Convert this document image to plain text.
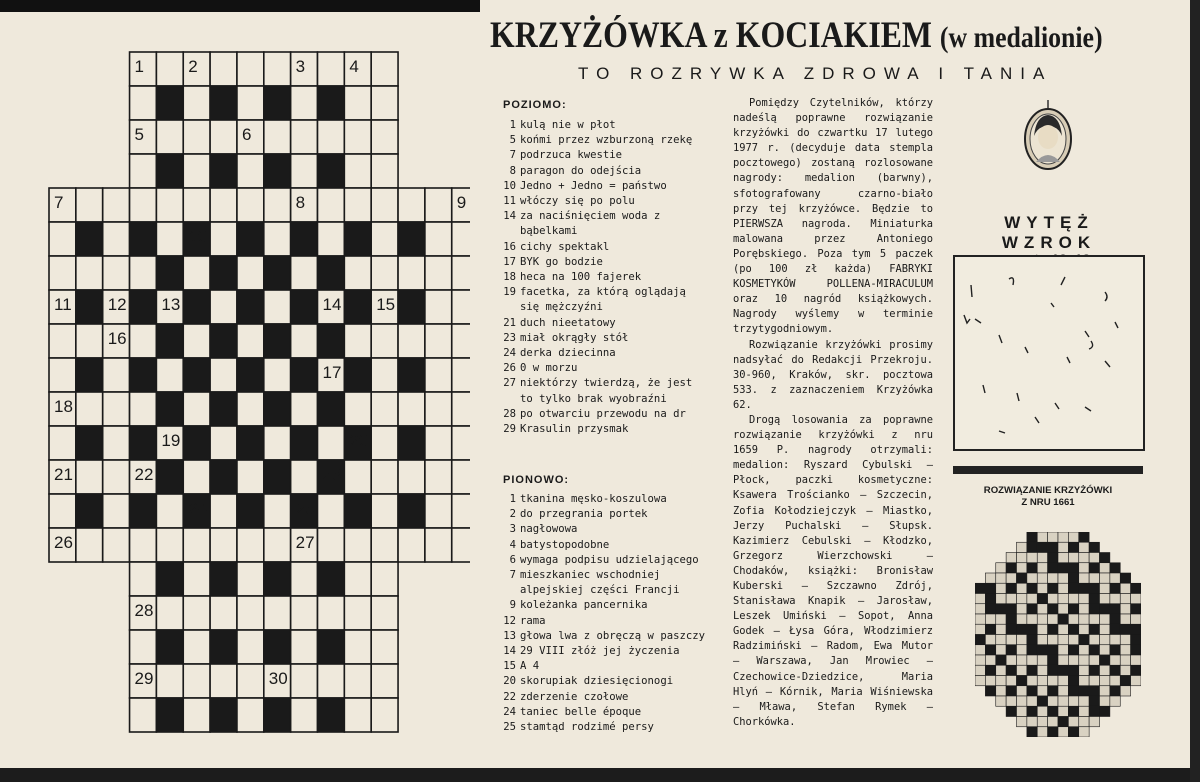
1	2	3	4
5	6
7	8	9
10
11 12 13	14 15
16
17
18
19	20
21	22	23
24	25
26	27
28
29	30
KRZYŻÓWKA z KOCIAKIEM (w medalionie)
TO ROZRYWKA ZDROWA I TANIA
POZIOMO:
1 kulą nie w płot
5 końmi przez wzburzoną rzekę
7 podrzuca kwestie
8 paragon do odejścia
10 Jedno + Jedno = państwo
11 włóczy się po polu
14 za naciśnięciem woda z bąbelkami
16 cichy spektakl
17 BYK go bodzie
18 heca na 100 fajerek
19 facetka, za którą oglądają się mężczyźni
21 duch nieetatowy
23 miał okrągły stół
24 derka dziecinna
26 0 w morzu
27 niektórzy twierdzą, że jest to tylko brak wyobraźni
28 po otwarciu przewodu na dr
29 Krasulin przysmak
PIONOWO:
1 tkanina męsko-koszulowa
2 do przegrania portek
3 nagłowowa
4 batystopodobne
6 wymaga podpisu udzielającego
7 mieszkaniec wschodniej alpejskiej części Francji
9 koleżanka pancernika
12 rama
13 głowa lwa z obręczą w paszczy
14 29 VIII złóż jej życzenia
15 A 4
20 skorupiak dziesięcionogi
22 zderzenie czołowe
24 taniec belle époque
25 stamtąd rodzimé persy

Pomiędzy Czytelników, którzy nadeślą poprawne rozwiązanie krzyżówki do czwartku 17 lutego 1977 r. (decyduje data stempla pocztowego) zostaną rozlosowane nagrody: medalion (barwny), sfotografowany czarno-biało przy tej krzyżówce. Będzie to PIERWSZA nagroda. Miniaturka malowana przez Antoniego Porębskiego. Poza tym 5 paczek (po 100 zł każda) FABRYKI KOSMETYKÓW POLLENA-MIRACULUM oraz 10 nagród książkowych. Nagrody wyślemy w terminie trzytygodniowym.

Rozwiązanie krzyżówki prosimy nadsyłać do Redakcji Przekroju. 30-960, Kraków, skr. pocztowa 533. z zaznaczeniem Krzyżówka 62.

Drogą losowania za poprawne rozwiązanie krzyżówki z nru 1659 P. nagrody otrzymali: medalion: Ryszard Cybulski — Płock, paczki kosmetyczne: Ksawera Trościanko — Szczecin, Zofia Kołodziejczyk — Miastko, Jerzy Puchalski — Słupsk. Kazimierz Cebulski — Kłodzko, Grzegorz Wierzchowski — Chodaków, książki: Bronisław Kuberski — Szczawno Zdrój, Stanisława Knapik — Jarosław, Leszek Umiński — Sopot, Anna Godek — Łysa Góra, Włodzimierz Radzimiński — Radom, Ewa Mutor — Warszawa, Jan Mrowiec — Czechowice-Dziedzice, Maria Hlyń — Kórnik, Maria Wiśniewska — Mława, Stefan Rymek — Chorkówka.

WYTĘŻ WZROK
ze str. 12–13
ROZWIĄZANIE KRZYŻÓWKI
Z NRU 1661
